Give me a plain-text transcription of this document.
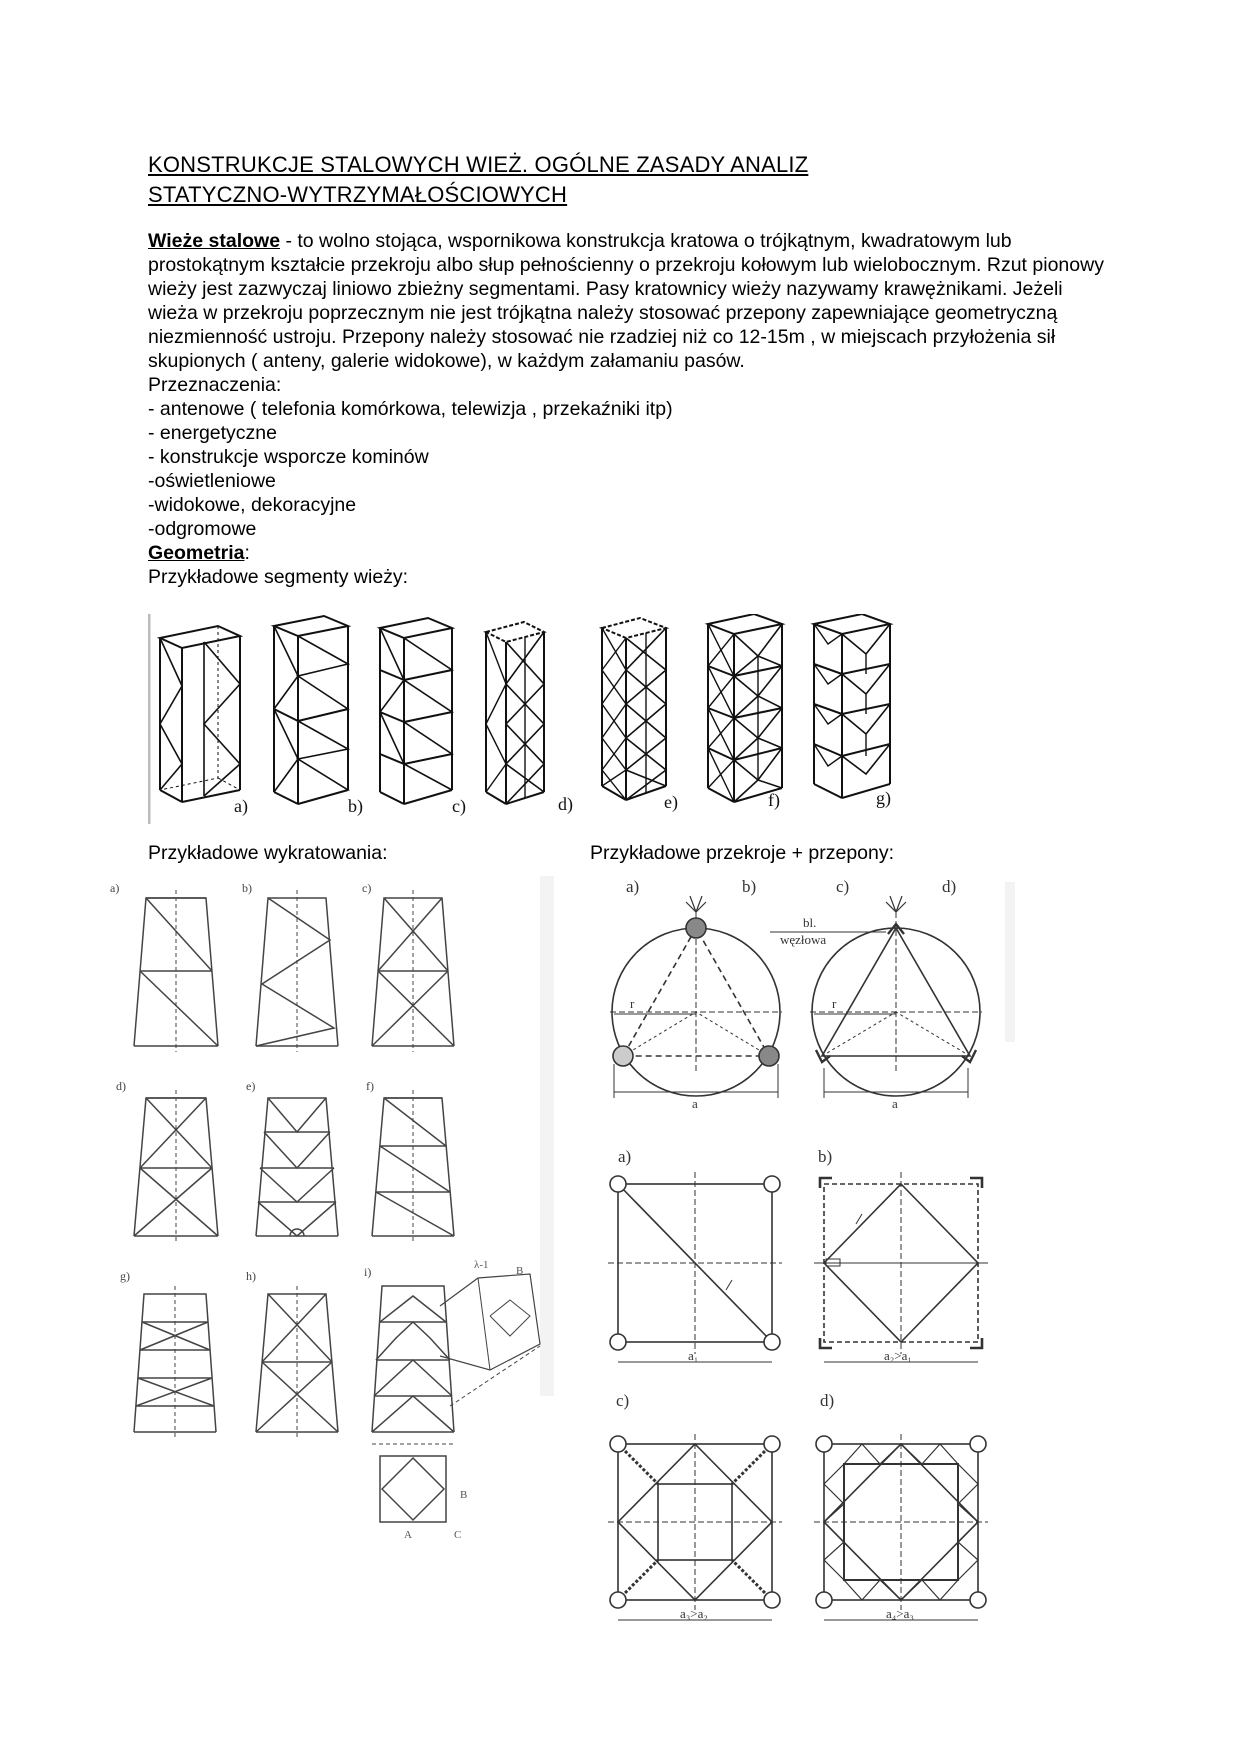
KONSTRUKCJE STALOWYCH WIEŻ. OGÓLNE ZASADY ANALIZ
STATYCZNO-WYTRZYMAŁOŚCIOWYCH

Wieże stalowe - to wolno stojąca, wspornikowa konstrukcja kratowa o trójkątnym, kwadratowym lub prostokątnym kształcie przekroju albo słup pełnościenny o przekroju kołowym lub wielobocznym. Rzut pionowy wieży jest zazwyczaj liniowo zbieżny segmentami. Pasy kratownicy wieży nazywamy krawężnikami. Jeżeli wieża w przekroju poprzecznym nie jest trójkątna należy stosować przepony zapewniające geometryczną niezmienność ustroju. Przepony należy stosować nie rzadziej niż co 12-15m , w miejscach przyłożenia sił skupionych ( anteny, galerie widokowe), w każdym załamaniu pasów.

Przeznaczenia:

- antenowe ( telefonia komórkowa, telewizja , przekaźniki itp)
- energetyczne
- konstrukcje wsporcze kominów
-oświetleniowe
-widokowe, dekoracyjne
-odgromowe

Geometria:

Przykładowe segmenty wieży:

a)	b)	c)	d)	e)	f)	g)
Przykładowe wykratowania:	Przykładowe przekroje + przepony:
B
A	C
B
λ-1
a)	b)	c)
d)	e)	f)
g)	h)	i)
a)	b)	c)	d)
a)	b)
c)	d)
bl.
węzłowa
r	r
a	a
a₁	a₂>a₁
a₃>a₂	a₄>a₃
